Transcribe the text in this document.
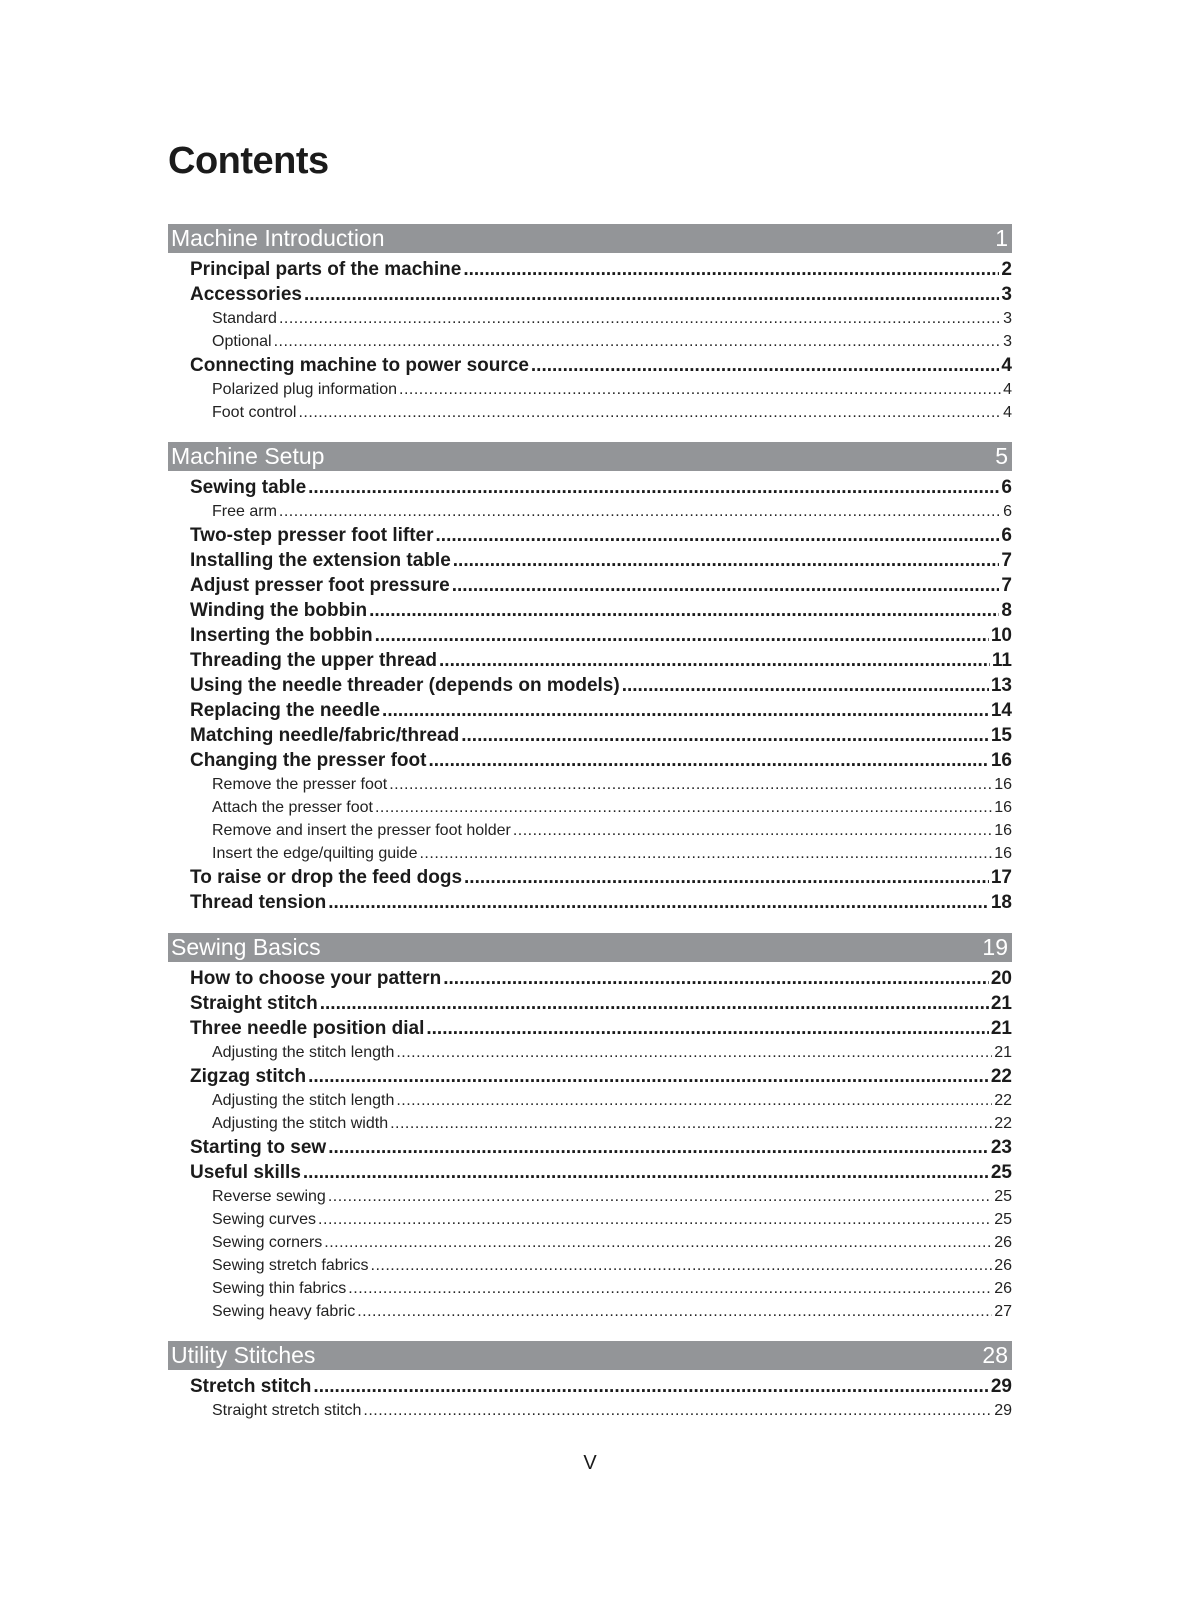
Contents
Machine Introduction	1
Principal parts of the machine .....	2
Accessories .....	3
Standard .....	3
Optional .....	3
Connecting machine to power source .....	4
Polarized plug information .....	4
Foot control .....	4
Machine Setup	5
Sewing table .....	6
Free arm .....	6
Two-step presser foot lifter .....	6
Installing the extension table .....	7
Adjust presser foot pressure .....	7
Winding the bobbin .....	8
Inserting the bobbin .....	10
Threading the upper thread .....	11
Using the needle threader (depends on models) .....	13
Replacing the needle .....	14
Matching needle/fabric/thread .....	15
Changing the presser foot .....	16
Remove the presser foot .....	16
Attach the presser foot .....	16
Remove and insert the presser foot holder .....	16
Insert the edge/quilting guide .....	16
To raise or drop the feed dogs .....	17
Thread tension .....	18
Sewing Basics	19
How to choose your pattern .....	20
Straight stitch .....	21
Three needle position dial .....	21
Adjusting the stitch length .....	21
Zigzag stitch .....	22
Adjusting the stitch length .....	22
Adjusting the stitch width .....	22
Starting to sew .....	23
Useful skills .....	25
Reverse sewing .....	25
Sewing curves .....	25
Sewing corners .....	26
Sewing stretch fabrics .....	26
Sewing thin fabrics .....	26
Sewing heavy fabric .....	27
Utility Stitches	28
Stretch stitch .....	29
Straight stretch stitch .....	29
V
